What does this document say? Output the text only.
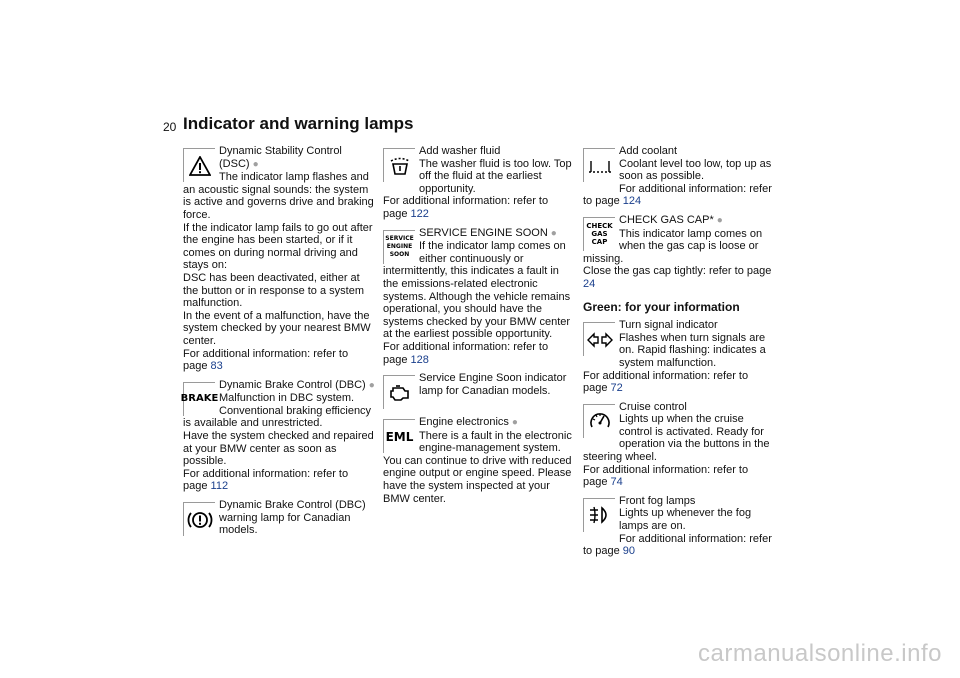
20 Indicator and warning lamps
Dynamic Stability Control
(DSC) ●
The indicator lamp flashes and an acoustic signal sounds: the system is active and governs drive and braking force.
If the indicator lamp fails to go out after the engine has been started, or if it comes on during normal driving and stays on:
DSC has been deactivated, either at the button or in response to a system malfunction.
In the event of a malfunction, have the system checked by your nearest BMW center.
For additional information: refer to page 83
BRAKE
Dynamic Brake Control (DBC) ●
Malfunction in DBC system. Conventional braking efficiency is available and unrestricted.
Have the system checked and repaired at your BMW center as soon as possible.
For additional information: refer to page 112
Dynamic Brake Control (DBC) warning lamp for Canadian models.
Add washer fluid
The washer fluid is too low. Top off the fluid at the earliest opportunity.
For additional information: refer to page 122
SERVICE
ENGINE
SOON
SERVICE ENGINE SOON ●
If the indicator lamp comes on either continuously or intermittently, this indicates a fault in the emissions-related electronic systems. Although the vehicle remains operational, you should have the systems checked by your BMW center at the earliest possible opportunity.
For additional information: refer to page 128
Service Engine Soon indicator lamp for Canadian models.
EML
Engine electronics ●
There is a fault in the electronic engine-management system.
You can continue to drive with reduced engine output or engine speed. Please have the system inspected at your BMW center.
Add coolant
Coolant level too low, top up as soon as possible.
For additional information: refer to page 124
CHECK
GAS CAP
CHECK GAS CAP* ●
This indicator lamp comes on when the gas cap is loose or missing.
Close the gas cap tightly: refer to page 24
Green: for your information
Turn signal indicator
Flashes when turn signals are on. Rapid flashing: indicates a system malfunction.
For additional information: refer to page 72
Cruise control
Lights up when the cruise control is activated. Ready for operation via the buttons in the steering wheel.
For additional information: refer to page 74
Front fog lamps
Lights up whenever the fog lamps are on.
For additional information: refer to page 90
carmanualsonline.info
